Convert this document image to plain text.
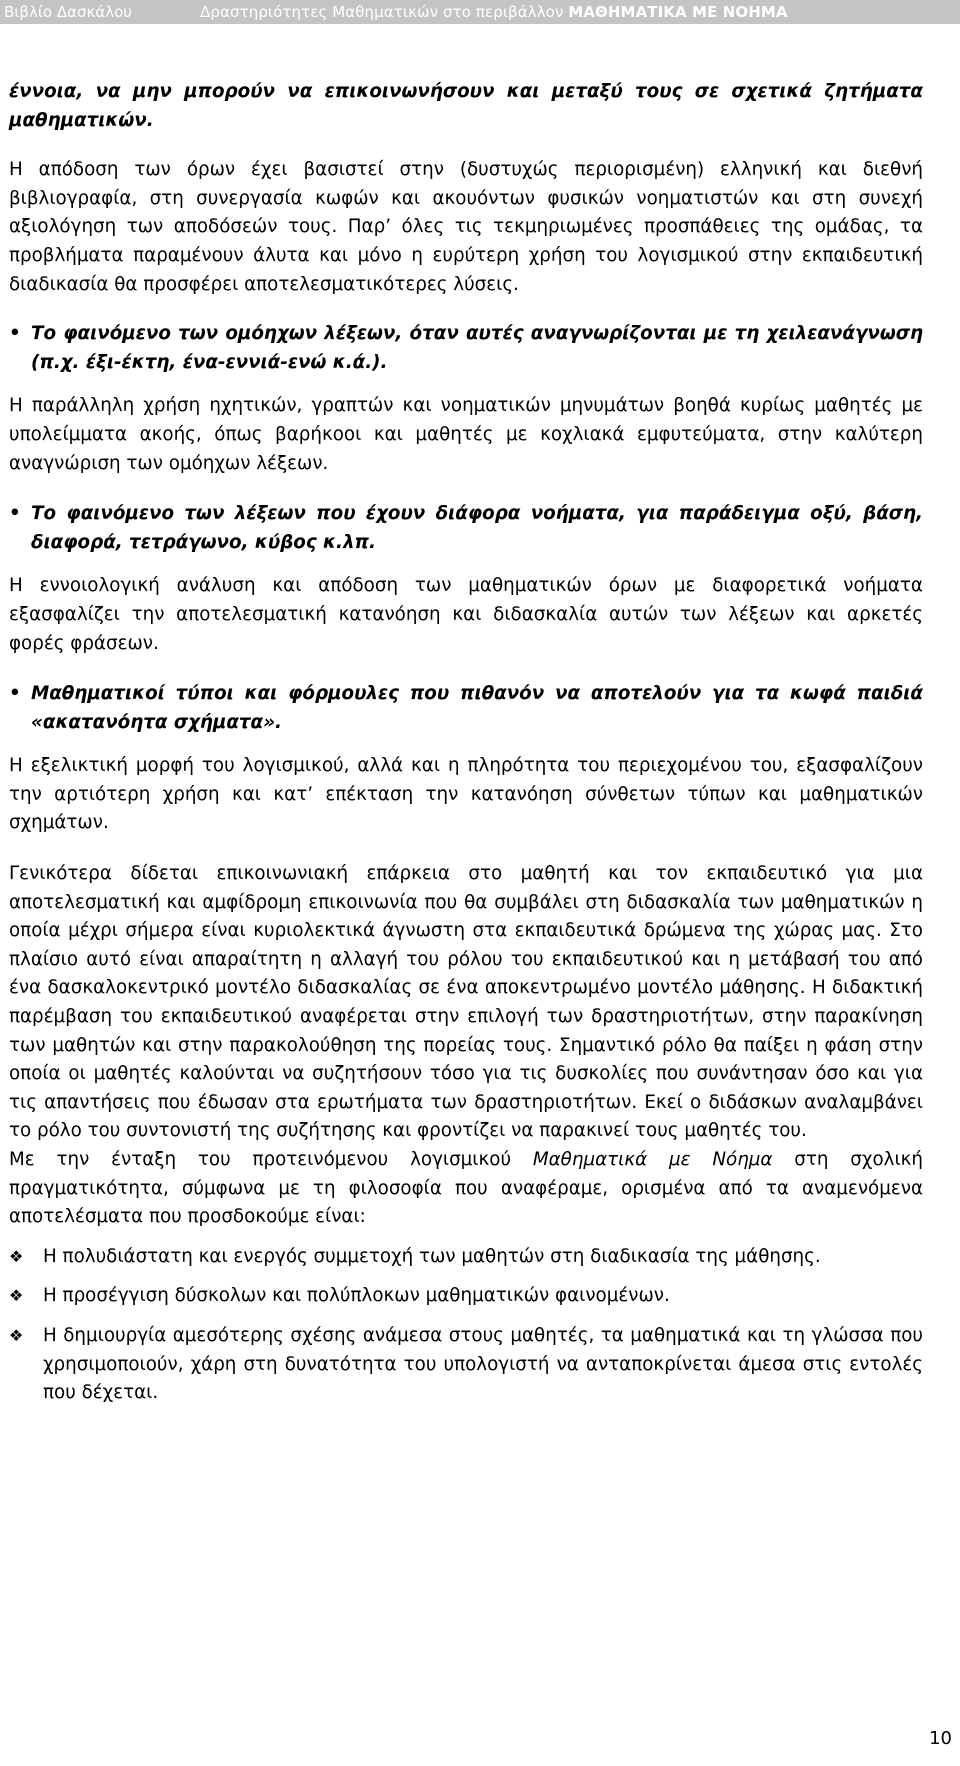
Βιβλίο Δασκάλου	Δραστηριότητες Μαθηματικών στο περιβάλλον ΜΑΘΗΜΑΤΙΚΑ ΜΕ ΝΟΗΜΑ

έννοια, να μην μπορούν να επικοινωνήσουν και μεταξύ τους σε σχετικά ζητήματα μαθηματικών.

Η απόδοση των όρων έχει βασιστεί στην (δυστυχώς περιορισμένη) ελληνική και διεθνή βιβλιογραφία, στη συνεργασία κωφών και ακουόντων φυσικών νοηματιστών και στη συνεχή αξιολόγηση των αποδόσεών τους. Παρ’ όλες τις τεκμηριωμένες προσπάθειες της ομάδας, τα προβλήματα παραμένουν άλυτα και μόνο η ευρύτερη χρήση του λογισμικού στην εκπαιδευτική διαδικασία θα προσφέρει αποτελεσματικότερες λύσεις.

• Το φαινόμενο των ομόηχων λέξεων, όταν αυτές αναγνωρίζονται με τη χειλεανάγνωση (π.χ. έξι-έκτη, ένα-εννιά-ενώ κ.ά.).

Η παράλληλη χρήση ηχητικών, γραπτών και νοηματικών μηνυμάτων βοηθά κυρίως μαθητές με υπολείμματα ακοής, όπως βαρήκοοι και μαθητές με κοχλιακά εμφυτεύματα, στην καλύτερη αναγνώριση των ομόηχων λέξεων.

• Το φαινόμενο των λέξεων που έχουν διάφορα νοήματα, για παράδειγμα οξύ, βάση, διαφορά, τετράγωνο, κύβος κ.λπ.

Η εννοιολογική ανάλυση και απόδοση των μαθηματικών όρων με διαφορετικά νοήματα εξασφαλίζει την αποτελεσματική κατανόηση και διδασκαλία αυτών των λέξεων και αρκετές φορές φράσεων.

• Μαθηματικοί τύποι και φόρμουλες που πιθανόν να αποτελούν για τα κωφά παιδιά «ακατανόητα σχήματα».

Η εξελικτική μορφή του λογισμικού, αλλά και η πληρότητα του περιεχομένου του, εξασφαλίζουν την αρτιότερη χρήση και κατ’ επέκταση την κατανόηση σύνθετων τύπων και μαθηματικών σχημάτων.

Γενικότερα δίδεται επικοινωνιακή επάρκεια στο μαθητή και τον εκπαιδευτικό για μια αποτελεσματική και αμφίδρομη επικοινωνία που θα συμβάλει στη διδασκαλία των μαθηματικών η οποία μέχρι σήμερα είναι κυριολεκτικά άγνωστη στα εκπαιδευτικά δρώμενα της χώρας μας. Στο πλαίσιο αυτό είναι απαραίτητη η αλλαγή του ρόλου του εκπαιδευτικού και η μετάβασή του από ένα δασκαλοκεντρικό μοντέλο διδασκαλίας σε ένα αποκεντρωμένο μοντέλο μάθησης. Η διδακτική παρέμβαση του εκπαιδευτικού αναφέρεται στην επιλογή των δραστηριοτήτων, στην παρακίνηση των μαθητών και στην παρακολούθηση της πορείας τους. Σημαντικό ρόλο θα παίξει η φάση στην οποία οι μαθητές καλούνται να συζητήσουν τόσο για τις δυσκολίες που συνάντησαν όσο και για τις απαντήσεις που έδωσαν στα ερωτήματα των δραστηριοτήτων. Εκεί ο διδάσκων αναλαμβάνει το ρόλο του συντονιστή της συζήτησης και φροντίζει να παρακινεί τους μαθητές του.

Με την ένταξη του προτεινόμενου λογισμικού Μαθηματικά με Νόημα στη σχολική πραγματικότητα, σύμφωνα με τη φιλοσοφία που αναφέραμε, ορισμένα από τα αναμενόμενα αποτελέσματα που προσδοκούμε είναι:

❖ Η πολυδιάστατη και ενεργός συμμετοχή των μαθητών στη διαδικασία της μάθησης.
❖ Η προσέγγιση δύσκολων και πολύπλοκων μαθηματικών φαινομένων.
❖ Η δημιουργία αμεσότερης σχέσης ανάμεσα στους μαθητές, τα μαθηματικά και τη γλώσσα που χρησιμοποιούν, χάρη στη δυνατότητα του υπολογιστή να ανταποκρίνεται άμεσα στις εντολές που δέχεται.
10
